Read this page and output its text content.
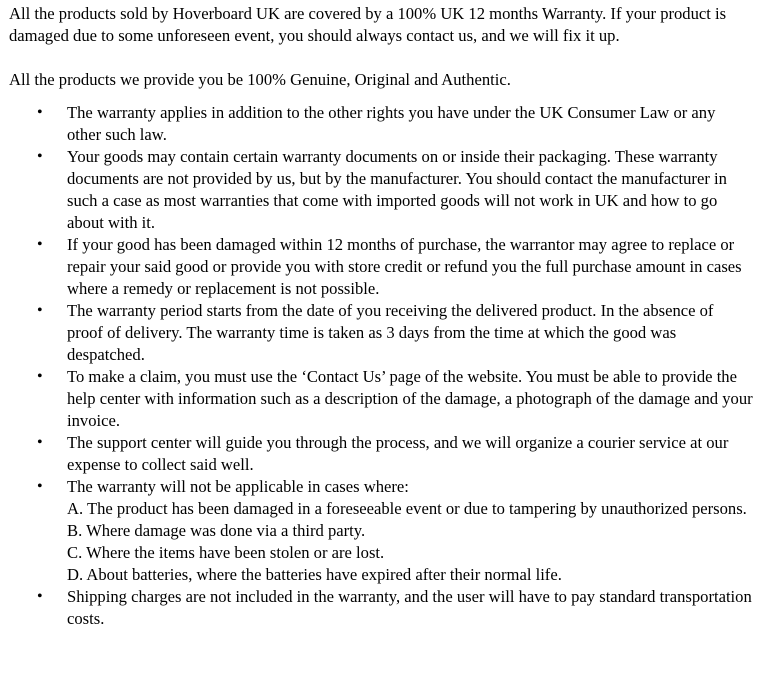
All the products sold by Hoverboard UK are covered by a 100% UK 12 months Warranty. If your product is damaged due to some unforeseen event, you should always contact us, and we will fix it up.

All the products we provide you be 100% Genuine, Original and Authentic.

• The warranty applies in addition to the other rights you have under the UK Consumer Law or any other such law.
• Your goods may contain certain warranty documents on or inside their packaging. These warranty documents are not provided by us, but by the manufacturer. You should contact the manufacturer in such a case as most warranties that come with imported goods will not work in UK and how to go about with it.
• If your good has been damaged within 12 months of purchase, the warrantor may agree to replace or repair your said good or provide you with store credit or refund you the full purchase amount in cases where a remedy or replacement is not possible.
• The warranty period starts from the date of you receiving the delivered product. In the absence of proof of delivery. The warranty time is taken as 3 days from the time at which the good was despatched.
• To make a claim, you must use the ‘Contact Us’ page of the website. You must be able to provide the help center with information such as a description of the damage, a photograph of the damage and your invoice.
• The support center will guide you through the process, and we will organize a courier service at our expense to collect said well.
• The warranty will not be applicable in cases where:
A. The product has been damaged in a foreseeable event or due to tampering by unauthorized persons.
B. Where damage was done via a third party.
C. Where the items have been stolen or are lost.
D. About batteries, where the batteries have expired after their normal life.
• Shipping charges are not included in the warranty, and the user will have to pay standard transportation costs.
